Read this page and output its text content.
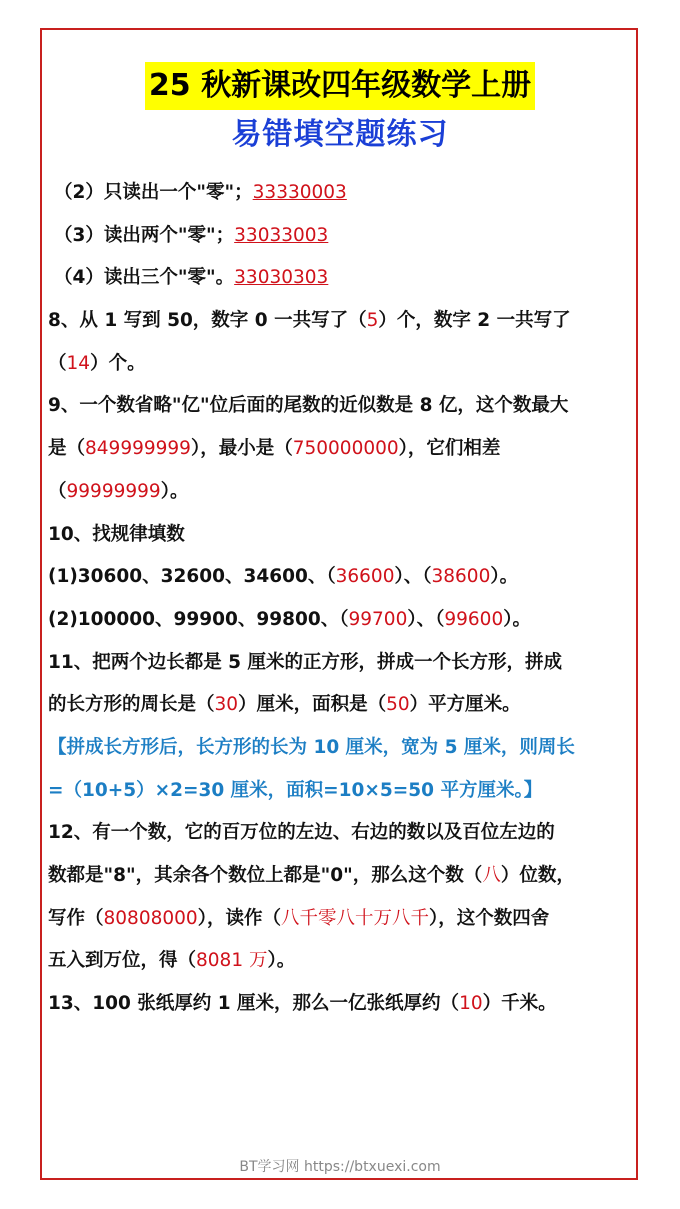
25 秋新课改四年级数学上册
易错填空题练习
（2）只读出一个"零"；33330003
（3）读出两个"零"；33033003
（4）读出三个"零"。33030303
8、从 1 写到 50，数字 0 一共写了（5）个，数字 2 一共写了
（14）个。
9、一个数省略"亿"位后面的尾数的近似数是 8 亿，这个数最大
是（849999999），最小是（750000000），它们相差
（99999999）。
10、找规律填数
(1)30600、32600、34600、（36600）、（38600）。
(2)100000、99900、99800、（99700）、（99600）。
11、把两个边长都是 5 厘米的正方形，拼成一个长方形，拼成
的长方形的周长是（30）厘米，面积是（50）平方厘米。
【拼成长方形后，长方形的长为 10 厘米，宽为 5 厘米，则周长
=（10+5）×2=30 厘米，面积=10×5=50 平方厘米。】
12、有一个数，它的百万位的左边、右边的数以及百位左边的
数都是"8"，其余各个数位上都是"0"，那么这个数（八）位数，
写作（80808000），读作（八千零八十万八千），这个数四舍
五入到万位，得（8081 万）。
13、100 张纸厚约 1 厘米，那么一亿张纸厚约（10）千米。
BT学习网 https://btxuexi.com
